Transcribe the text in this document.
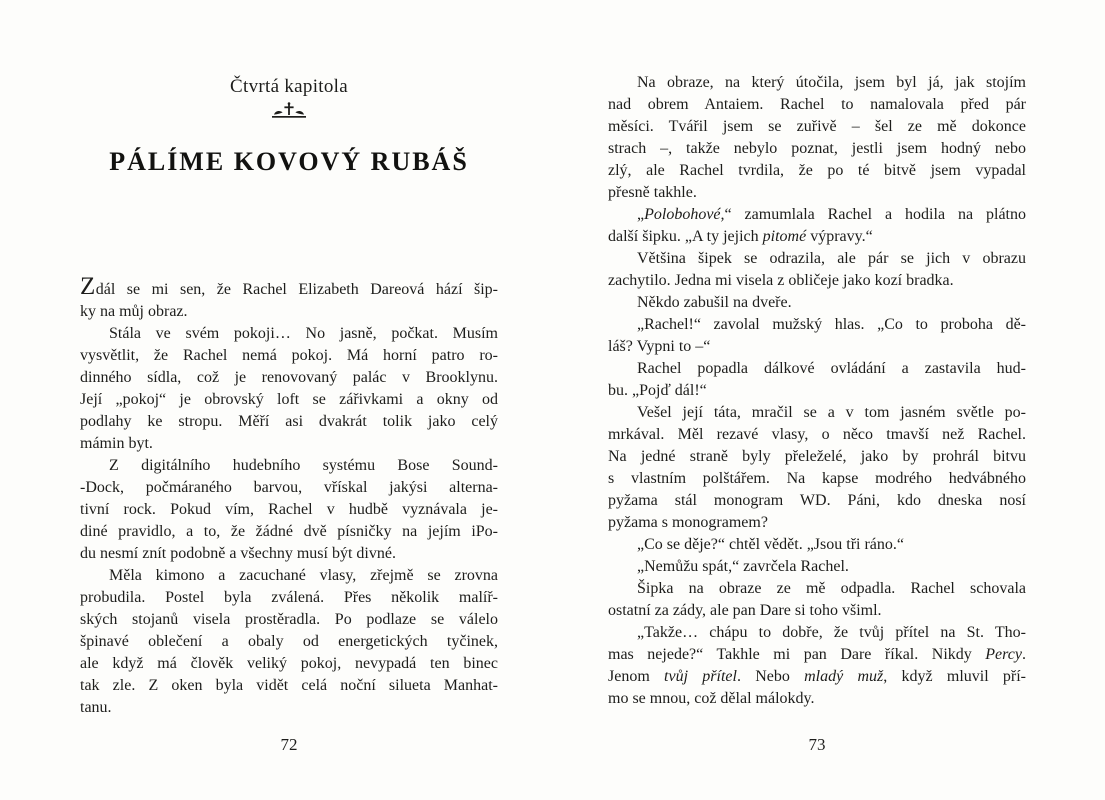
Čtvrtá kapitola
PÁLÍME KOVOVÝ RUBÁŠ
Zdál se mi sen, že Rachel Elizabeth Dareová hází šip-
ky na můj obraz.
Stála ve svém pokoji… No jasně, počkat. Musím
vysvětlit, že Rachel nemá pokoj. Má horní patro ro-
dinného sídla, což je renovovaný palác v Brooklynu.
Její „pokoj“ je obrovský loft se zářivkami a okny od
podlahy ke stropu. Měří asi dvakrát tolik jako celý
mámin byt.
Z digitálního hudebního systému Bose Sound-
-Dock, počmáraného barvou, vřískal jakýsi alterna-
tivní rock. Pokud vím, Rachel v hudbě vyznávala je-
diné pravidlo, a to, že žádné dvě písničky na jejím iPo-
du nesmí znít podobně a všechny musí být divné.
Měla kimono a zacuchané vlasy, zřejmě se zrovna
probudila. Postel byla zválená. Přes několik malíř-
ských stojanů visela prostěradla. Po podlaze se válelo
špinavé oblečení a obaly od energetických tyčinek,
ale když má člověk veliký pokoj, nevypadá ten binec
tak zle. Z oken byla vidět celá noční silueta Manhat-
tanu.
72
Na obraze, na který útočila, jsem byl já, jak stojím
nad obrem Antaiem. Rachel to namalovala před pár
měsíci. Tvářil jsem se zuřivě – šel ze mě dokonce
strach –, takže nebylo poznat, jestli jsem hodný nebo
zlý, ale Rachel tvrdila, že po té bitvě jsem vypadal
přesně takhle.
„Polobohové,“ zamumlala Rachel a hodila na plátno
další šipku. „A ty jejich pitomé výpravy.“
Většina šipek se odrazila, ale pár se jich v obrazu
zachytilo. Jedna mi visela z obličeje jako kozí bradka.
Někdo zabušil na dveře.
„Rachel!“ zavolal mužský hlas. „Co to proboha dě-
láš? Vypni to –“
Rachel popadla dálkové ovládání a zastavila hud-
bu. „Pojď dál!“
Vešel její táta, mračil se a v tom jasném světle po-
mrkával. Měl rezavé vlasy, o něco tmavší než Rachel.
Na jedné straně byly přeleželé, jako by prohrál bitvu
s vlastním polštářem. Na kapse modrého hedvábného
pyžama stál monogram WD. Páni, kdo dneska nosí
pyžama s monogramem?
„Co se děje?“ chtěl vědět. „Jsou tři ráno.“
„Nemůžu spát,“ zavrčela Rachel.
Šipka na obraze ze mě odpadla. Rachel schovala
ostatní za zády, ale pan Dare si toho všiml.
„Takže… chápu to dobře, že tvůj přítel na St. Tho-
mas nejede?“ Takhle mi pan Dare říkal. Nikdy Percy.
Jenom tvůj přítel. Nebo mladý muž, když mluvil pří-
mo se mnou, což dělal málokdy.
73
